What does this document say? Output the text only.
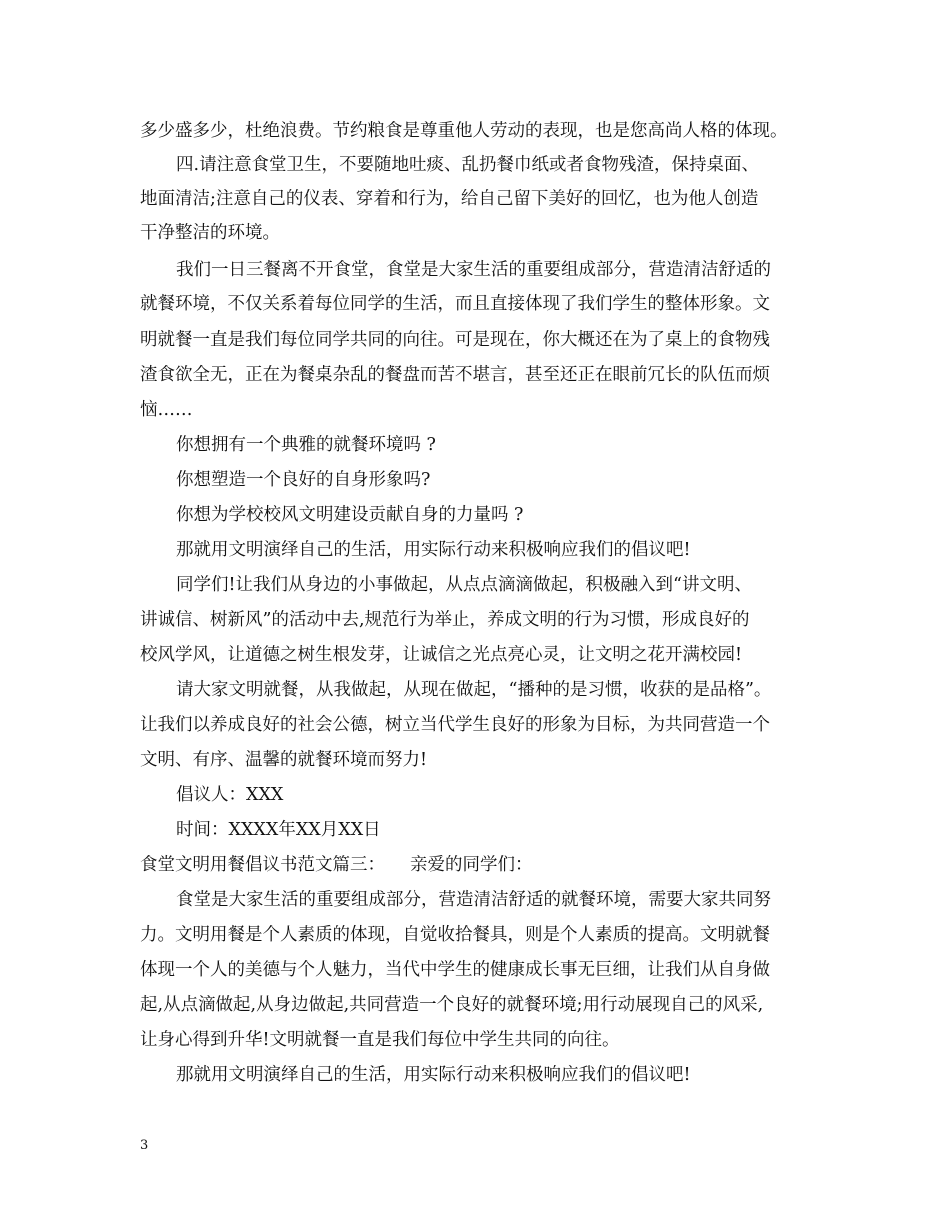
多少盛多少，杜绝浪费。节约粮食是尊重他人劳动的表现，也是您高尚人格的体现。
四.请注意食堂卫生，不要随地吐痰、乱扔餐巾纸或者食物残渣，保持桌面、
地面清洁;注意自己的仪表、穿着和行为，给自己留下美好的回忆，也为他人创造
干净整洁的环境。
我们一日三餐离不开食堂，食堂是大家生活的重要组成部分，营造清洁舒适的
就餐环境，不仅关系着每位同学的生活，而且直接体现了我们学生的整体形象。文
明就餐一直是我们每位同学共同的向往。可是现在，你大概还在为了桌上的食物残
渣食欲全无，正在为餐桌杂乱的餐盘而苦不堪言，甚至还正在眼前冗长的队伍而烦
恼……
你想拥有一个典雅的就餐环境吗 ?
你想塑造一个良好的自身形象吗?
你想为学校校风文明建设贡献自身的力量吗 ?
那就用文明演绎自己的生活，用实际行动来积极响应我们的倡议吧!
同学们!让我们从身边的小事做起，从点点滴滴做起，积极融入到“讲文明、
讲诚信、树新风”的活动中去,规范行为举止，养成文明的行为习惯，形成良好的
校风学风，让道德之树生根发芽，让诚信之光点亮心灵，让文明之花开满校园!
请大家文明就餐，从我做起，从现在做起，“播种的是习惯，收获的是品格”。
让我们以养成良好的社会公德，树立当代学生良好的形象为目标，为共同营造一个
文明、有序、温馨的就餐环境而努力!
倡议人：XXX
时间：XXXX年XX月XX日
食堂文明用餐倡议书范文篇三： 亲爱的同学们：
食堂是大家生活的重要组成部分，营造清洁舒适的就餐环境，需要大家共同努
力。文明用餐是个人素质的体现，自觉收拾餐具，则是个人素质的提高。文明就餐
体现一个人的美德与个人魅力，当代中学生的健康成长事无巨细，让我们从自身做
起,从点滴做起,从身边做起,共同营造一个良好的就餐环境;用行动展现自己的风采,
让身心得到升华!文明就餐一直是我们每位中学生共同的向往。
那就用文明演绎自己的生活，用实际行动来积极响应我们的倡议吧!
3
